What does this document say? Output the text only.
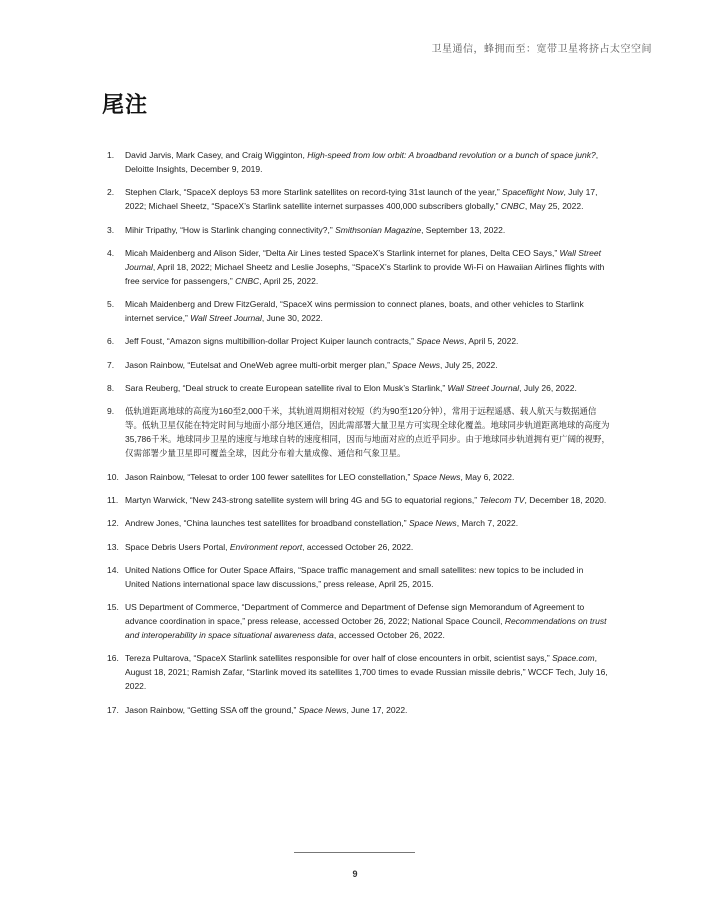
卫星通信，蜂拥而至：宽带卫星将挤占太空空间
尾注
1. David Jarvis, Mark Casey, and Craig Wigginton, High-speed from low orbit: A broadband revolution or a bunch of space junk?, Deloitte Insights, December 9, 2019.
2. Stephen Clark, “SpaceX deploys 53 more Starlink satellites on record-tying 31st launch of the year,” Spaceflight Now, July 17, 2022; Michael Sheetz, “SpaceX’s Starlink satellite internet surpasses 400,000 subscribers globally,” CNBC, May 25, 2022.
3. Mihir Tripathy, “How is Starlink changing connectivity?,” Smithsonian Magazine, September 13, 2022.
4. Micah Maidenberg and Alison Sider, “Delta Air Lines tested SpaceX’s Starlink internet for planes, Delta CEO Says,” Wall Street Journal, April 18, 2022; Michael Sheetz and Leslie Josephs, “SpaceX’s Starlink to provide Wi-Fi on Hawaiian Airlines flights with free service for passengers,” CNBC, April 25, 2022.
5. Micah Maidenberg and Drew FitzGerald, “SpaceX wins permission to connect planes, boats, and other vehicles to Starlink internet service,” Wall Street Journal, June 30, 2022.
6. Jeff Foust, “Amazon signs multibillion-dollar Project Kuiper launch contracts,” Space News, April 5, 2022.
7. Jason Rainbow, “Eutelsat and OneWeb agree multi-orbit merger plan,” Space News, July 25, 2022.
8. Sara Reuberg, “Deal struck to create European satellite rival to Elon Musk’s Starlink,” Wall Street Journal, July 26, 2022.
9. 低轨道距离地球的高度为160至2,000千米，其轨道周期相对较短（约为90至120分钟），常用于远程遥感、载人航天与数据通信等。低轨卫星仅能在特定时间与地面小部分地区通信，因此需部署大量卫星方可实现全球化覆盖。地球同步轨道距离地球的高度为35,786千米。地球同步卫星的速度与地球自转的速度相同，因而与地面对应的点近乎同步。由于地球同步轨道拥有更广阔的视野，仅需部署少量卫星即可覆盖全球，因此分布着大量成像、通信和气象卫星。
10. Jason Rainbow, “Telesat to order 100 fewer satellites for LEO constellation,” Space News, May 6, 2022.
11. Martyn Warwick, “New 243-strong satellite system will bring 4G and 5G to equatorial regions,” Telecom TV, December 18, 2020.
12. Andrew Jones, “China launches test satellites for broadband constellation,” Space News, March 7, 2022.
13. Space Debris Users Portal, Environment report, accessed October 26, 2022.
14. United Nations Office for Outer Space Affairs, “Space traffic management and small satellites: new topics to be included in United Nations international space law discussions,” press release, April 25, 2015.
15. US Department of Commerce, “Department of Commerce and Department of Defense sign Memorandum of Agreement to advance coordination in space,” press release, accessed October 26, 2022; National Space Council, Recommendations on trust and interoperability in space situational awareness data, accessed October 26, 2022.
16. Tereza Pultarova, “SpaceX Starlink satellites responsible for over half of close encounters in orbit, scientist says,” Space.com, August 18, 2021; Ramish Zafar, “Starlink moved its satellites 1,700 times to evade Russian missile debris,” WCCF Tech, July 16, 2022.
17. Jason Rainbow, “Getting SSA off the ground,” Space News, June 17, 2022.
9
